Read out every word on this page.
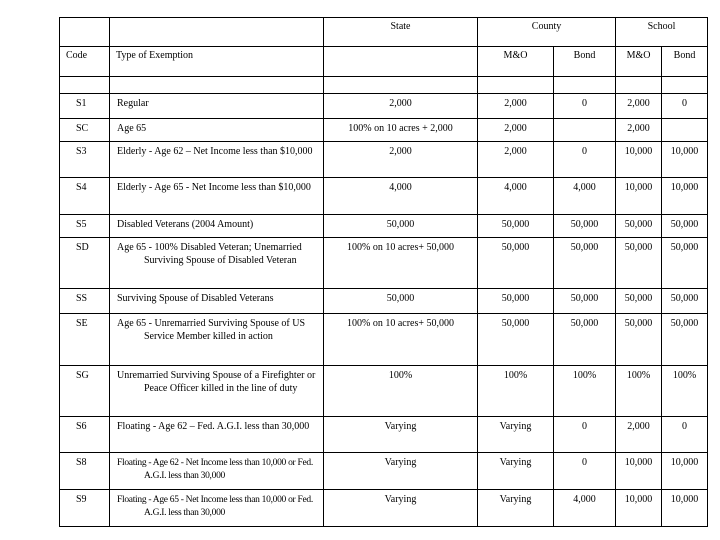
		State	County		School	
Code	Type of Exemption		M&O	Bond	M&O	Bond

S1	Regular	2,000	2,000	0	2,000	0
SC	Age 65	100% on 10 acres + 2,000	2,000		2,000	
S3	Elderly - Age 62 – Net Income less than $10,000	2,000	2,000	0	10,000	10,000
S4	Elderly - Age 65 - Net Income less than $10,000	4,000	4,000	4,000	10,000	10,000
S5	Disabled Veterans (2004 Amount)	50,000	50,000	50,000	50,000	50,000
SD	Age 65 - 100% Disabled Veteran; Unemarried Surviving Spouse of Disabled Veteran	100% on 10 acres+ 50,000	50,000	50,000	50,000	50,000
SS	Surviving Spouse of Disabled Veterans	50,000	50,000	50,000	50,000	50,000
SE	Age 65 - Unremarried Surviving Spouse of US Service Member killed in action	100% on 10 acres+ 50,000	50,000	50,000	50,000	50,000
SG	Unremarried Surviving Spouse of a Firefighter or Peace Officer killed in the line of duty	100%	100%	100%	100%	100%
S6	Floating - Age 62 – Fed. A.G.I. less than 30,000	Varying	Varying	0	2,000	0
S8	Floating - Age 62 - Net Income less than 10,000 or Fed. A.G.I. less than 30,000	Varying	Varying	0	10,000	10,000
S9	Floating - Age 65 - Net Income less than 10,000 or Fed. A.G.I. less than 30,000	Varying	Varying	4,000	10,000	10,000
